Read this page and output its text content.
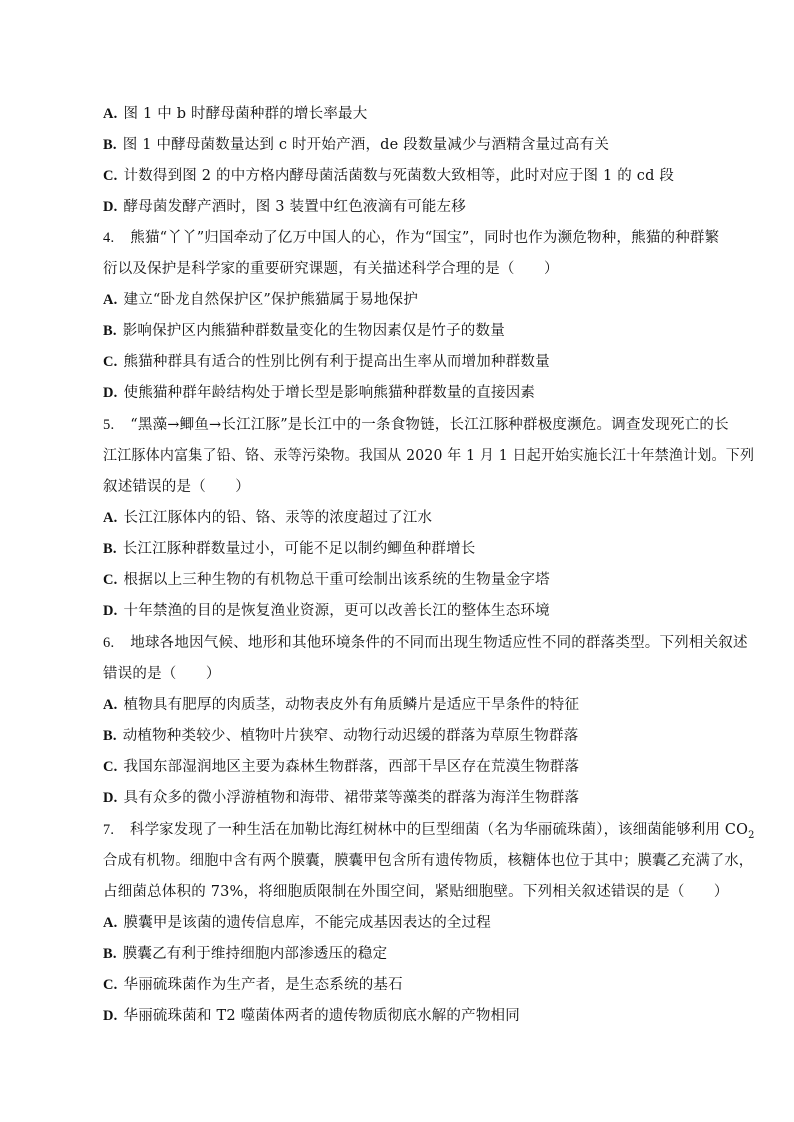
A. 图 1 中 b 时酵母菌种群的增长率最大
B. 图 1 中酵母菌数量达到 c 时开始产酒，de 段数量减少与酒精含量过高有关
C. 计数得到图 2 的中方格内酵母菌活菌数与死菌数大致相等，此时对应于图 1 的 cd 段
D. 酵母菌发酵产酒时，图 3 装置中红色液滴有可能左移
4. 熊猫“丫丫”归国牵动了亿万中国人的心，作为“国宝”，同时也作为濒危物种，熊猫的种群繁
衍以及保护是科学家的重要研究课题，有关描述科学合理的是（　　）
A. 建立“卧龙自然保护区”保护熊猫属于易地保护
B. 影响保护区内熊猫种群数量变化的生物因素仅是竹子的数量
C. 熊猫种群具有适合的性别比例有利于提高出生率从而增加种群数量
D. 使熊猫种群年龄结构处于增长型是影响熊猫种群数量的直接因素
5. “黑藻→鲫鱼→长江江豚”是长江中的一条食物链，长江江豚种群极度濒危。调查发现死亡的长
江江豚体内富集了铅、铬、汞等污染物。我国从 2020 年 1 月 1 日起开始实施长江十年禁渔计划。下列
叙述错误的是（　　）
A. 长江江豚体内的铅、铬、汞等的浓度超过了江水
B. 长江江豚种群数量过小，可能不足以制约鲫鱼种群增长
C. 根据以上三种生物的有机物总干重可绘制出该系统的生物量金字塔
D. 十年禁渔的目的是恢复渔业资源，更可以改善长江的整体生态环境
6. 地球各地因气候、地形和其他环境条件的不同而出现生物适应性不同的群落类型。下列相关叙述
错误的是（　　）
A. 植物具有肥厚的肉质茎，动物表皮外有角质鳞片是适应干旱条件的特征
B. 动植物种类较少、植物叶片狭窄、动物行动迟缓的群落为草原生物群落
C. 我国东部湿润地区主要为森林生物群落，西部干旱区存在荒漠生物群落
D. 具有众多的微小浮游植物和海带、裙带菜等藻类的群落为海洋生物群落
7. 科学家发现了一种生活在加勒比海红树林中的巨型细菌（名为华丽硫珠菌），该细菌能够利用 $CO_2$
合成有机物。细胞中含有两个膜囊，膜囊甲包含所有遗传物质，核糖体也位于其中；膜囊乙充满了水，
占细菌总体积的 73%，将细胞质限制在外围空间，紧贴细胞壁。下列相关叙述错误的是（　　）
A. 膜囊甲是该菌的遗传信息库，不能完成基因表达的全过程
B. 膜囊乙有利于维持细胞内部渗透压的稳定
C. 华丽硫珠菌作为生产者，是生态系统的基石
D. 华丽硫珠菌和 T2 噬菌体两者的遗传物质彻底水解的产物相同
